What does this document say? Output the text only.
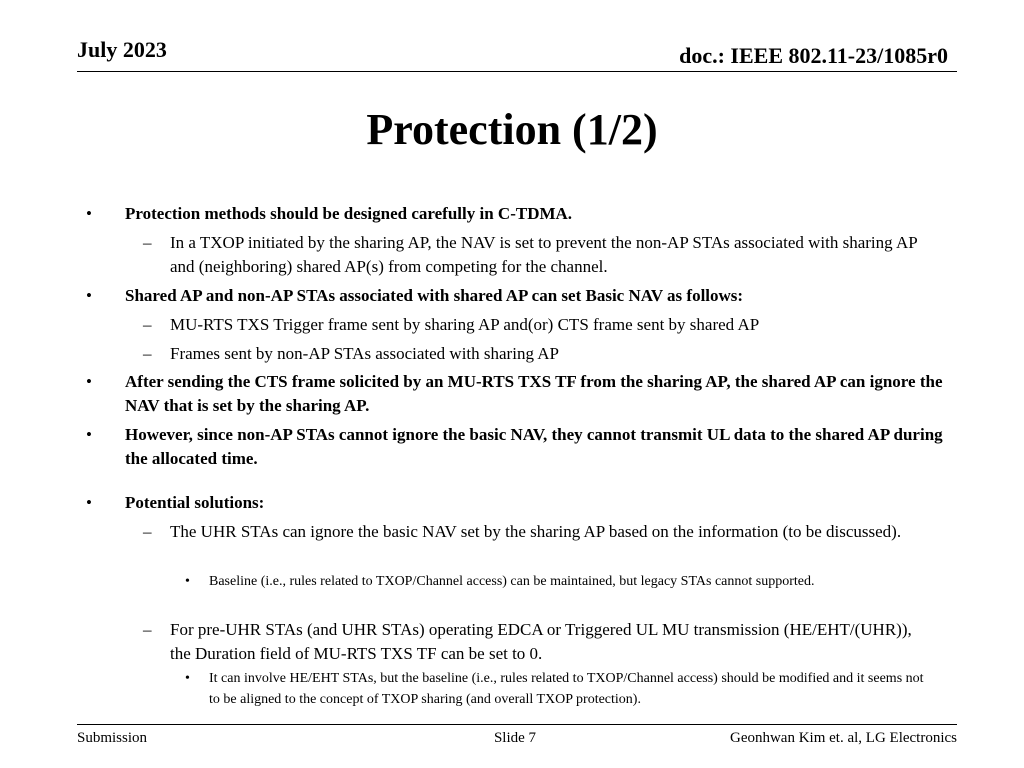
July 2023	doc.: IEEE 802.11-23/1085r0
Protection (1/2)
• Protection methods should be designed carefully in C-TDMA.
– In a TXOP initiated by the sharing AP, the NAV is set to prevent the non-AP STAs associated with sharing AP and (neighboring) shared AP(s) from competing for the channel.
• Shared AP and non-AP STAs associated with shared AP can set Basic NAV as follows:
– MU-RTS TXS Trigger frame sent by sharing AP and(or) CTS frame sent by shared AP
– Frames sent by non-AP STAs associated with sharing AP
• After sending the CTS frame solicited by an MU-RTS TXS TF from the sharing AP, the shared AP can ignore the NAV that is set by the sharing AP.
• However, since non-AP STAs cannot ignore the basic NAV, they cannot transmit UL data to the shared AP during the allocated time.
• Potential solutions:
– The UHR STAs can ignore the basic NAV set by the sharing AP based on the information (to be discussed).
• Baseline (i.e., rules related to TXOP/Channel access) can be maintained, but legacy STAs cannot supported.
– For pre-UHR STAs (and UHR STAs) operating EDCA or Triggered UL MU transmission (HE/EHT/(UHR)), the Duration field of MU-RTS TXS TF can be set to 0.
• It can involve HE/EHT STAs, but the baseline (i.e., rules related to TXOP/Channel access) should be modified and it seems not to be aligned to the concept of TXOP sharing (and overall TXOP protection).
Submission	Slide 7	Geonhwan Kim et. al, LG Electronics
